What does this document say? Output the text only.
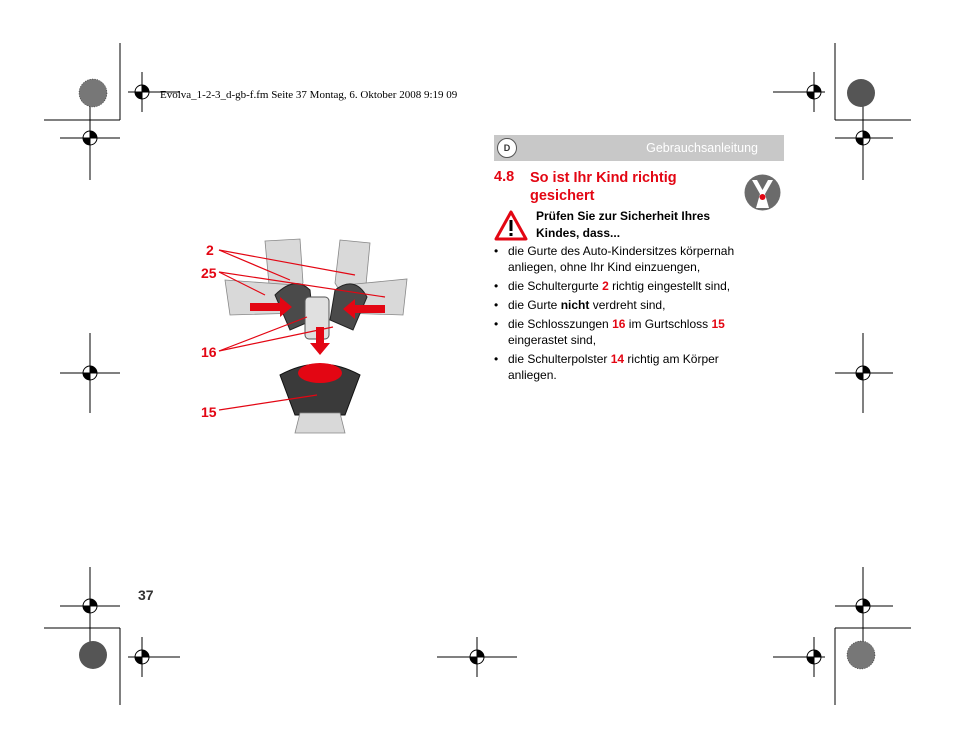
Evolva_1-2-3_d-gb-f.fm Seite 37 Montag, 6. Oktober 2008 9:19 09
Gebrauchsanleitung
D
4.8 So ist Ihr Kind richtig gesichert
Prüfen Sie zur Sicherheit Ihres Kindes, dass...
• die Gurte des Auto-Kindersitzes körpernah anliegen, ohne Ihr Kind einzuengen,
• die Schultergurte 2 richtig eingestellt sind,
• die Gurte nicht verdreht sind,
• die Schlosszungen 16 im Gurtschloss 15 eingerastet sind,
• die Schulterpolster 14 richtig am Körper anliegen.
2
25
16
15
37
